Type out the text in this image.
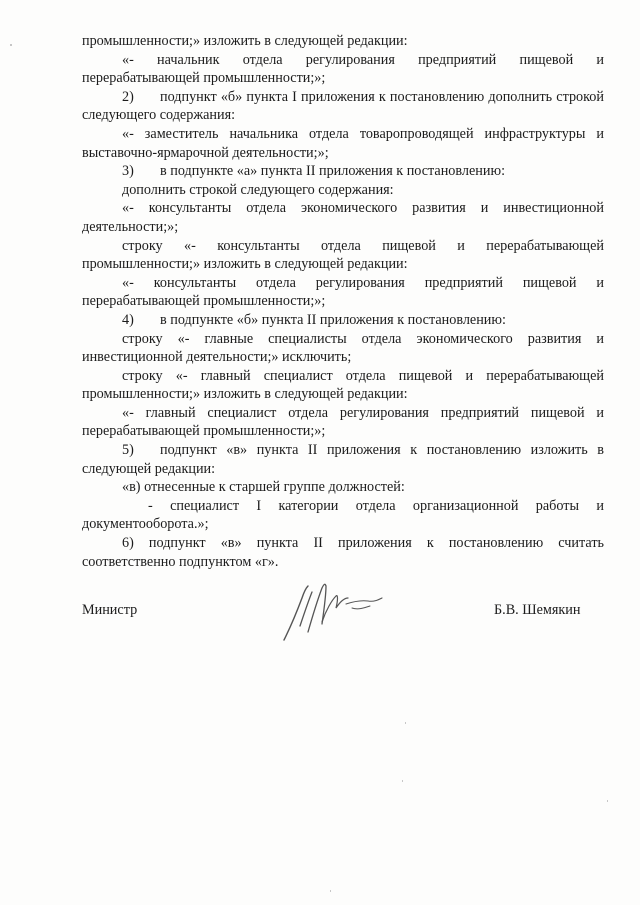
промышленности;» изложить в следующей редакции:

«- начальник отдела регулирования предприятий пищевой и перерабатывающей промышленности;»;

2) подпункт «б» пункта I приложения к постановлению дополнить строкой следующего содержания:

«- заместитель начальника отдела товаропроводящей инфраструктуры и выставочно-ярмарочной деятельности;»;

3) в подпункте «а» пункта II приложения к постановлению:

дополнить строкой следующего содержания:

«- консультанты отдела экономического развития и инвестиционной деятельности;»;

строку «- консультанты отдела пищевой и перерабатывающей промышленности;» изложить в следующей редакции:

«- консультанты отдела регулирования предприятий пищевой и перерабатывающей промышленности;»;

4) в подпункте «б» пункта II приложения к постановлению:

строку «- главные специалисты отдела экономического развития и инвестиционной деятельности;» исключить;

строку «- главный специалист отдела пищевой и перерабатывающей промышленности;» изложить в следующей редакции:

«- главный специалист отдела регулирования предприятий пищевой и перерабатывающей промышленности;»;

5) подпункт «в» пункта II приложения к постановлению изложить в следующей редакции:

«в) отнесенные к старшей группе должностей:

- специалист I категории отдела организационной работы и документооборота.»;

6) подпункт «в» пункта II приложения к постановлению считать соответственно подпунктом «г».

Министр	Б.В. Шемякин
